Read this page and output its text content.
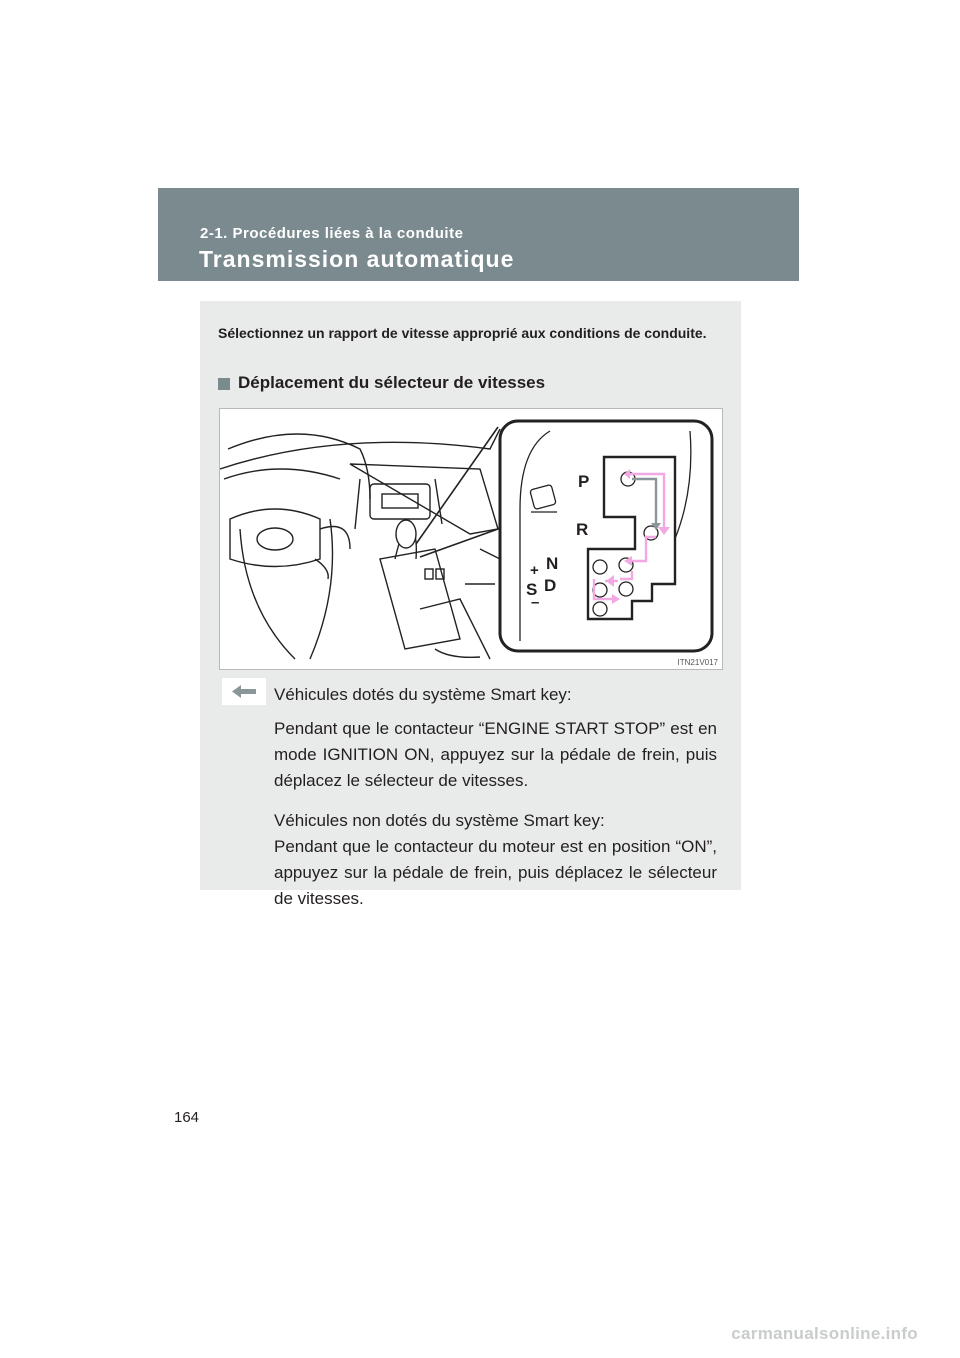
2-1. Procédures liées à la conduite
Transmission automatique
Sélectionnez un rapport de vitesse approprié aux conditions de conduite.
Déplacement du sélecteur de vitesses
P
R
N
D
S
+
–
ITN21V017

Véhicules dotés du système Smart key:

Pendant que le contacteur “ENGINE START STOP” est en mode IGNITION ON, appuyez sur la pédale de frein, puis déplacez le sélecteur de vitesses.

Véhicules non dotés du système Smart key:

Pendant que le contacteur du moteur est en position “ON”, appuyez sur la pédale de frein, puis déplacez le sélecteur de vitesses.

164
carmanualsonline.info
